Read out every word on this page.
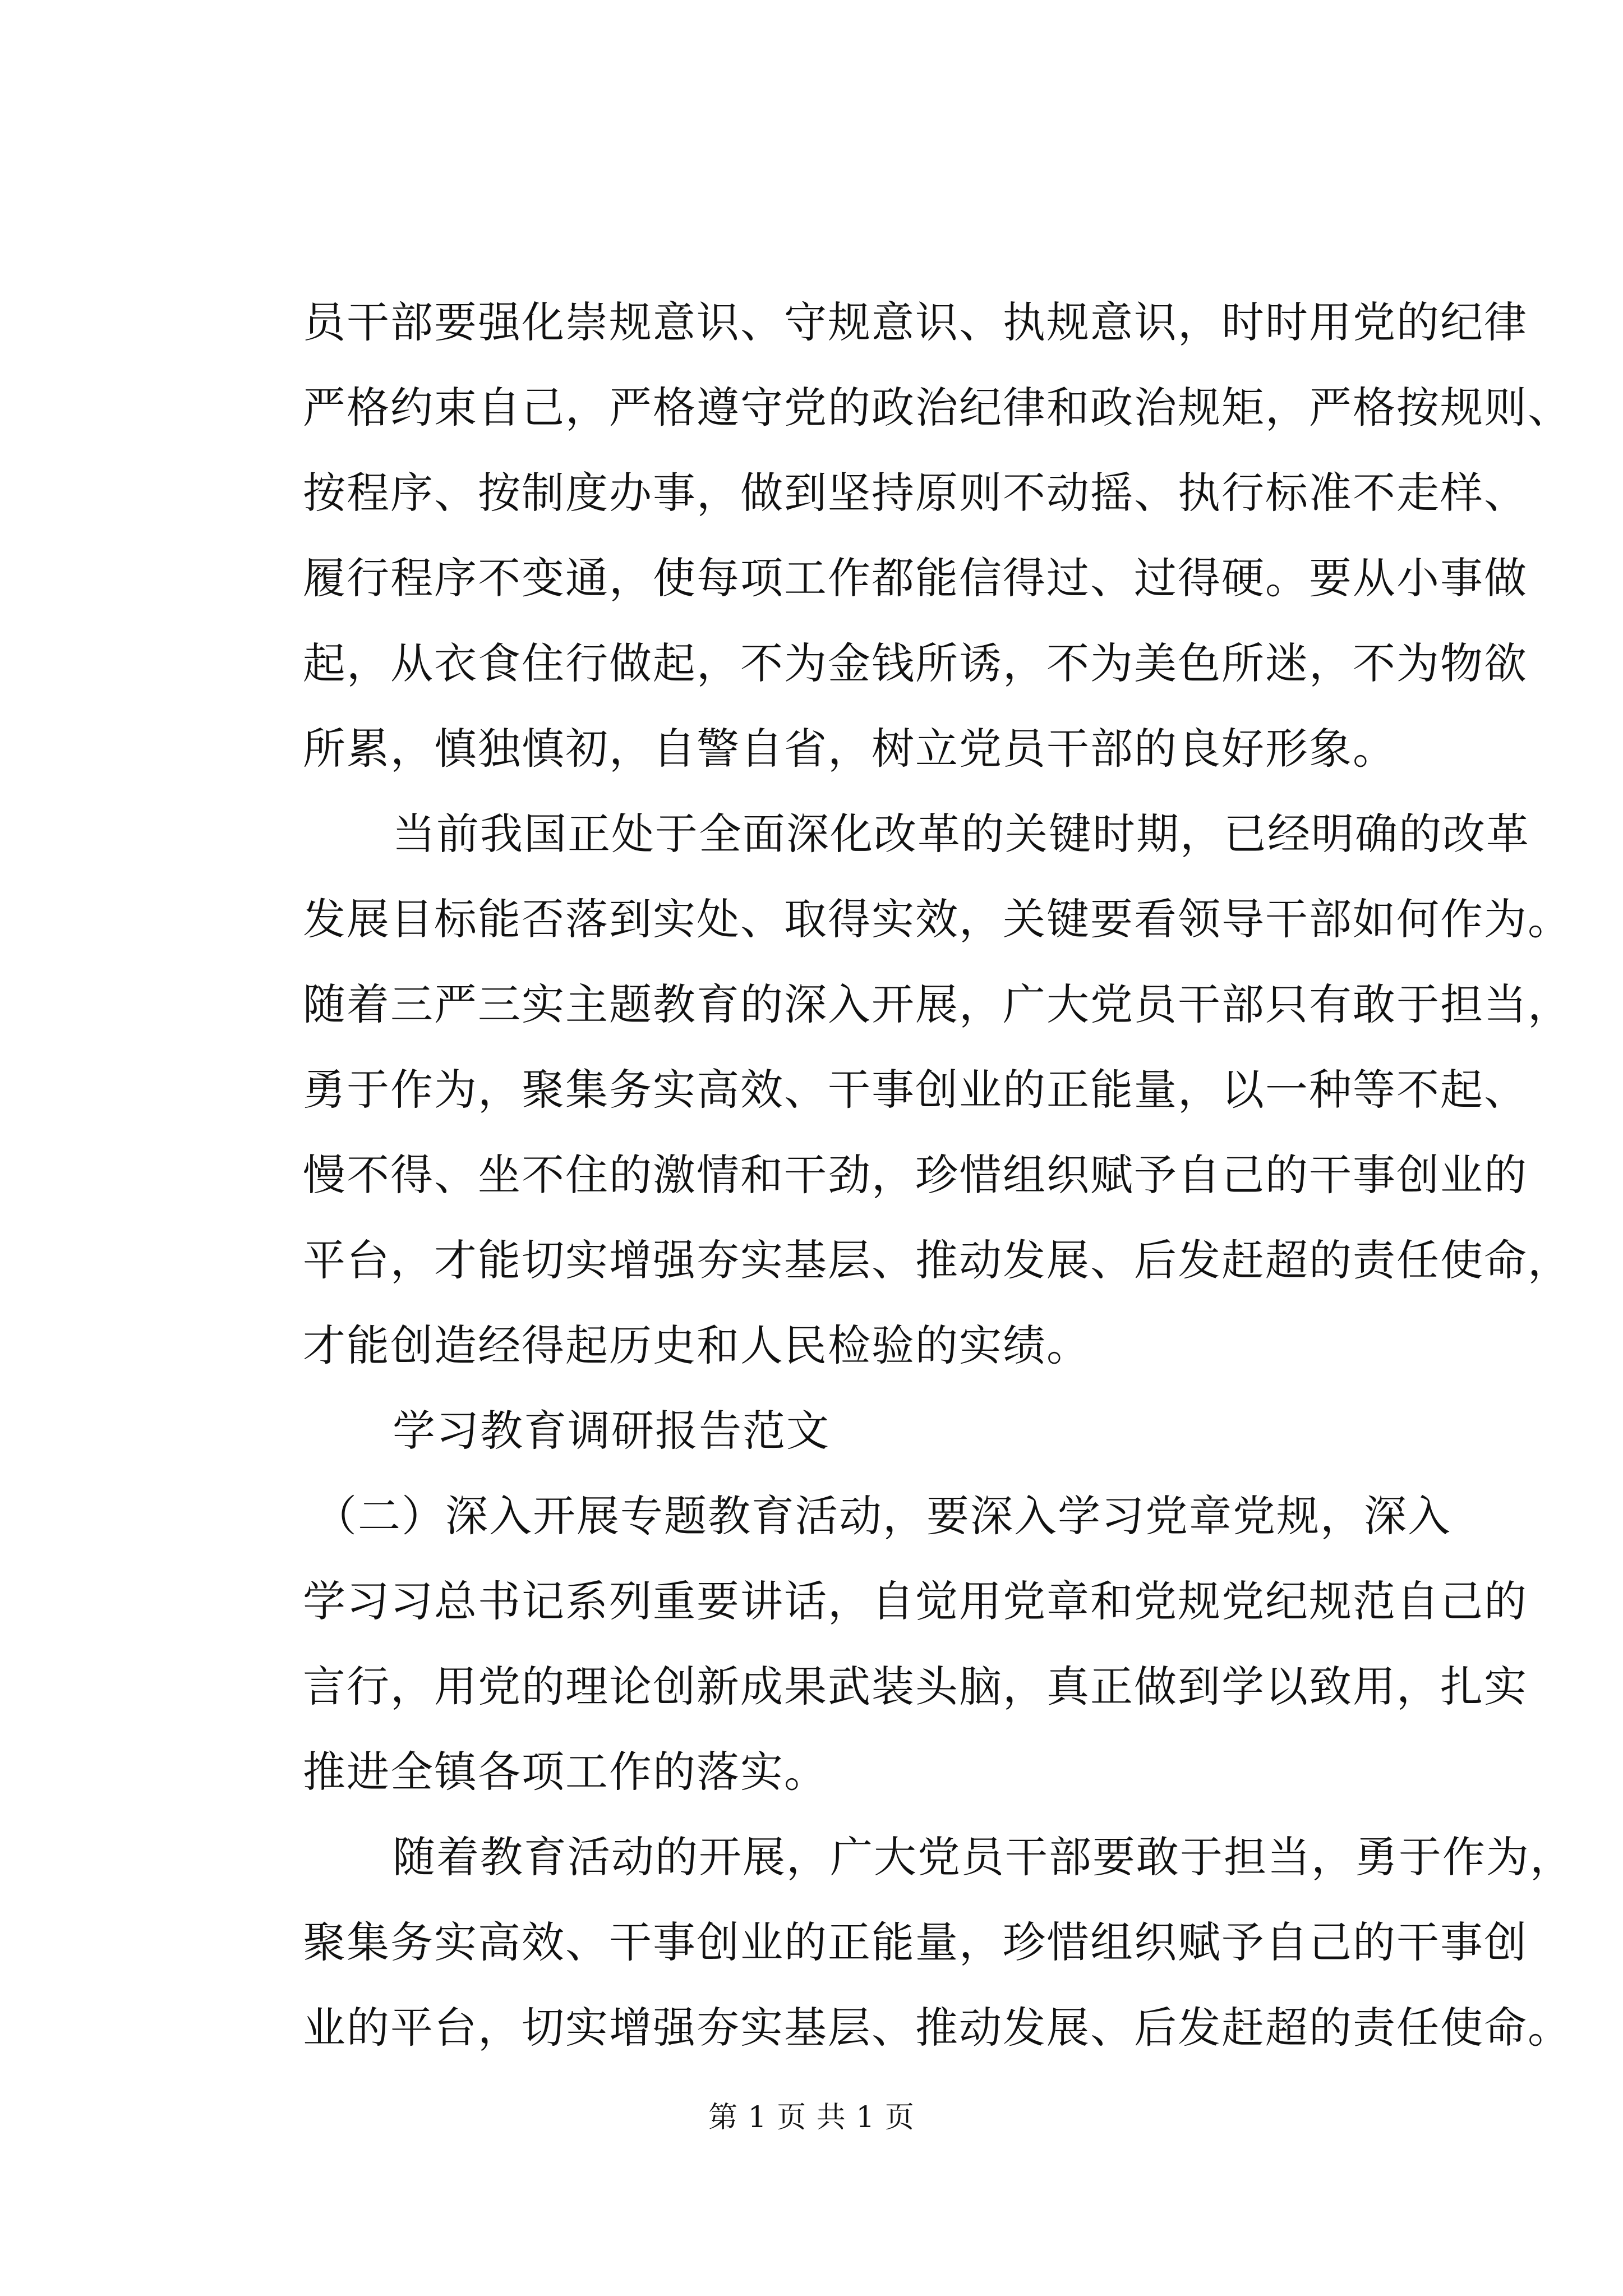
员干部要强化崇规意识、守规意识、执规意识，时时用党的纪律
严格约束自己，严格遵守党的政治纪律和政治规矩，严格按规则、
按程序、按制度办事，做到坚持原则不动摇、执行标准不走样、
履行程序不变通，使每项工作都能信得过、过得硬。要从小事做
起，从衣食住行做起，不为金钱所诱，不为美色所迷，不为物欲
所累，慎独慎初，自警自省，树立党员干部的良好形象。
当前我国正处于全面深化改革的关键时期，已经明确的改革
发展目标能否落到实处、取得实效，关键要看领导干部如何作为。
随着三严三实主题教育的深入开展，广大党员干部只有敢于担当，
勇于作为，聚集务实高效、干事创业的正能量，以一种等不起、
慢不得、坐不住的激情和干劲，珍惜组织赋予自己的干事创业的
平台，才能切实增强夯实基层、推动发展、后发赶超的责任使命，
才能创造经得起历史和人民检验的实绩。
学习教育调研报告范文
（二）深入开展专题教育活动，要深入学习党章党规，深入
学习习总书记系列重要讲话，自觉用党章和党规党纪规范自己的
言行，用党的理论创新成果武装头脑，真正做到学以致用，扎实
推进全镇各项工作的落实。
随着教育活动的开展，广大党员干部要敢于担当，勇于作为，
聚集务实高效、干事创业的正能量，珍惜组织赋予自己的干事创
业的平台，切实增强夯实基层、推动发展、后发赶超的责任使命。
第 1 页 共 1 页
